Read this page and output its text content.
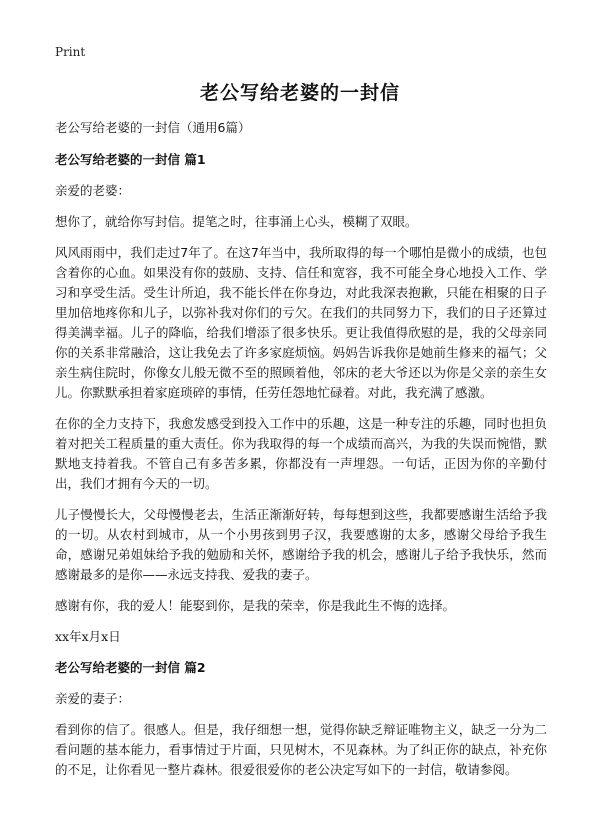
Print
老公写给老婆的一封信

老公写给老婆的一封信（通用6篇）

老公写给老婆的一封信 篇1

亲爱的老婆：

想你了，就给你写封信。提笔之时，往事涌上心头，模糊了双眼。

风风雨雨中，我们走过7年了。在这7年当中，我所取得的每一个哪怕是微小的成绩，也包含着你的心血。如果没有你的鼓励、支持、信任和宽容，我不可能全身心地投入工作、学习和享受生活。受生计所迫，我不能长伴在你身边，对此我深表抱歉，只能在相聚的日子里加倍地疼你和儿子，以弥补我对你们的亏欠。在我们的共同努力下，我们的日子还算过得美满幸福。儿子的降临，给我们增添了很多快乐。更让我值得欣慰的是，我的父母亲同你的关系非常融洽，这让我免去了许多家庭烦恼。妈妈告诉我你是她前生修来的福气；父亲生病住院时，你像女儿般无微不至的照顾着他，邻床的老大爷还以为你是父亲的亲生女儿。你默默承担着家庭琐碎的事情，任劳任怨地忙碌着。对此，我充满了感激。

在你的全力支持下，我愈发感受到投入工作中的乐趣，这是一种专注的乐趣，同时也担负着对把关工程质量的重大责任。你为我取得的每一个成绩而高兴，为我的失误而惋惜，默默地支持着我。不管自己有多苦多累，你都没有一声埋怨。一句话，正因为你的辛勤付出，我们才拥有今天的一切。

儿子慢慢长大，父母慢慢老去，生活正渐渐好转，每每想到这些，我都要感谢生活给予我的一切。从农村到城市，从一个小男孩到男子汉，我要感谢的太多，感谢父母给予我生命，感谢兄弟姐妹给予我的勉励和关怀，感谢给予我的机会，感谢儿子给予我快乐，然而感谢最多的是你——永远支持我、爱我的妻子。

感谢有你，我的爱人！能娶到你，是我的荣幸，你是我此生不悔的选择。

xx年x月x日

老公写给老婆的一封信 篇2

亲爱的妻子：

看到你的信了。很感人。但是，我仔细想一想，觉得你缺乏辩证唯物主义，缺乏一分为二看问题的基本能力，看事情过于片面，只见树木，不见森林。为了纠正你的缺点，补充你的不足，让你看见一整片森林。很爱很爱你的老公决定写如下的一封信，敬请参阅。
